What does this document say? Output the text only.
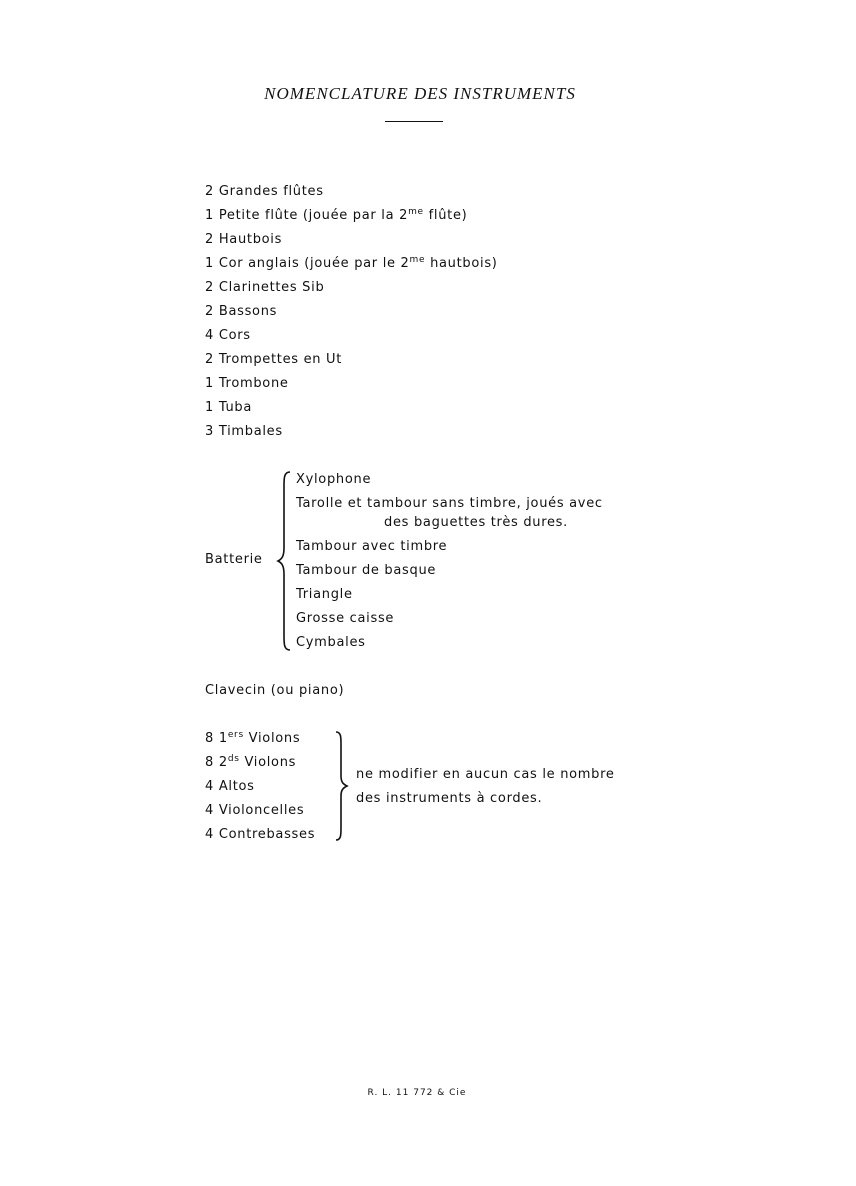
NOMENCLATURE DES INSTRUMENTS
2 Grandes flûtes
1 Petite flûte (jouée par la $2^{me}$ flûte)
2 Hautbois
1 Cor anglais (jouée par le $2^{me}$ hautbois)
2 Clarinettes Sib
2 Bassons
4 Cors
2 Trompettes en Ut
1 Trombone
1 Tuba
3 Timbales
Batterie
Xylophone
Tarolle et tambour sans timbre, joués avec
des baguettes très dures.
Tambour avec timbre
Tambour de basque
Triangle
Grosse caisse
Cymbales
Clavecin (ou piano)
8 1ers Violons
8 $2^{ds}$ Violons
4 Altos
4 Violoncelles
4 Contrebasses
ne modifier en aucun cas le nombre
des instruments à cordes.
R. L. 11 772 & Cie
